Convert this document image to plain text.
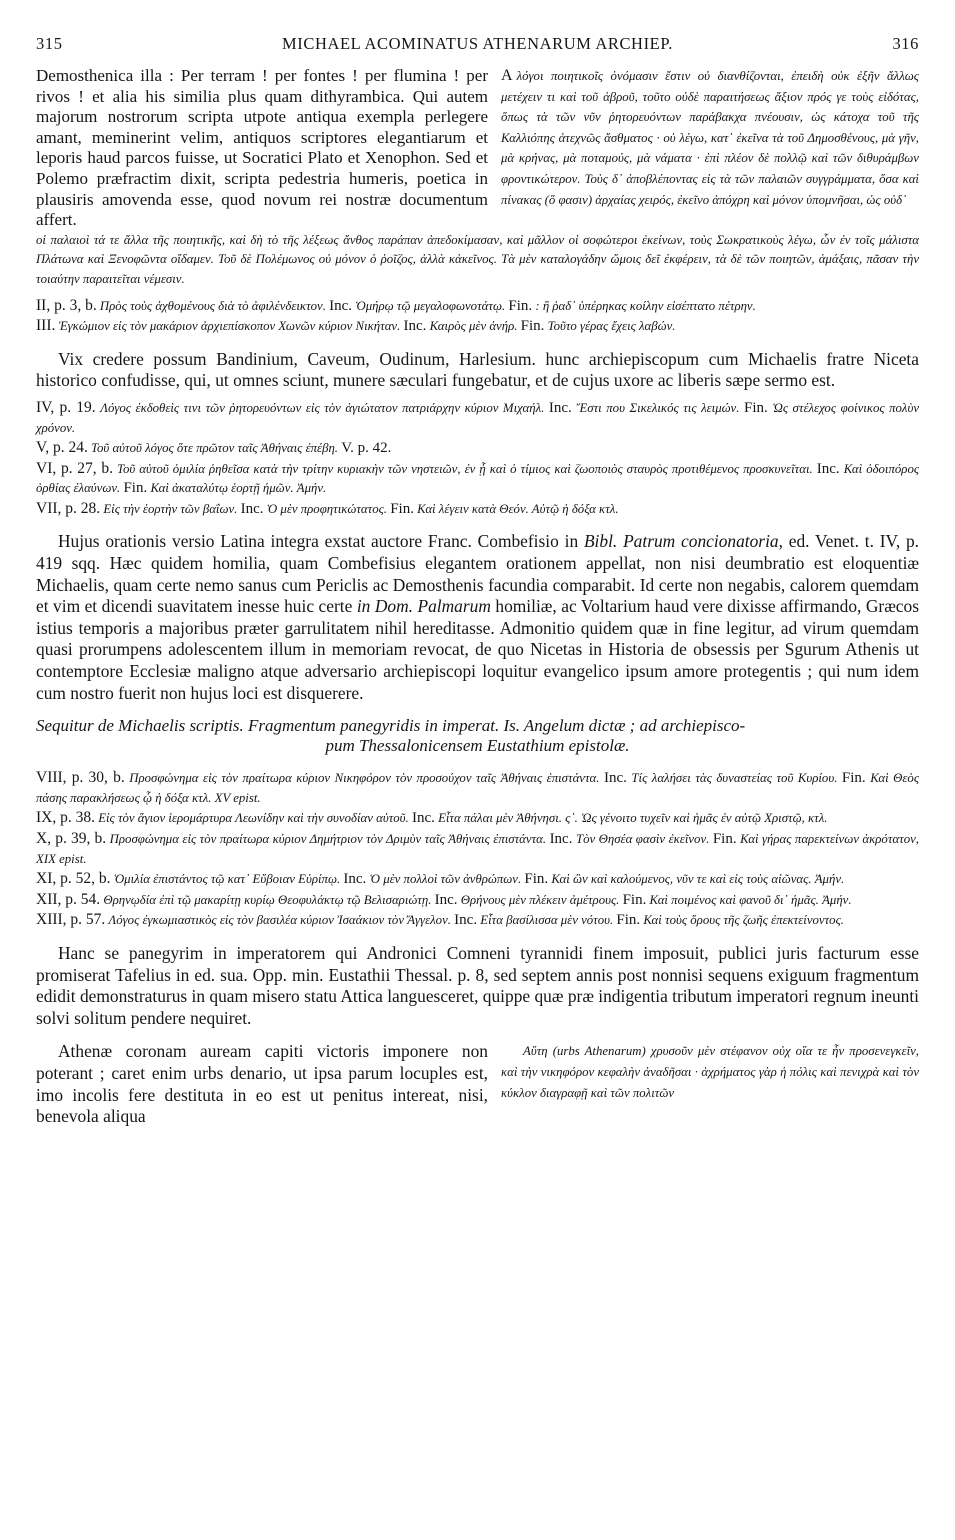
315	MICHAEL ACOMINATUS ATHENARUM ARCHIEP.	316

Demosthenica illa : Per terram ! per fontes ! per flumina ! per rivos ! et alia his similia plus quam dithyrambica. Qui autem majorum nostrorum scripta utpote antiqua exempla perlegere amant, meminerint velim, antiquos scriptores elegantiarum et leporis haud parcos fuisse, ut Socratici Plato et Xenophon. Sed et Polemo præfractim dixit, scripta pedestria humeris, poetica in plausiris amovenda esse, quod novum rei nostræ documentum affert.

A λόγοι ποιητικοῖς ὀνόμασιν ἔστιν οὐ διανθίζονται, ἐπειδὴ οὐκ ἐξῆν ἄλλως μετέχειν τι καὶ τοῦ ἁβροῦ, τοῦτο οὐδὲ παραιτήσεως ἄξιον πρός γε τοὺς εἰδότας, ὅπως τὰ τῶν νῦν ῥητορευόντων παράβακχα πνέουσιν, ὡς κάτοχα τοῦ τῆς Καλλιόπης ἀτεχνῶς ἄσθματος · οὐ λέγω, κατ᾽ ἐκεῖνα τὰ τοῦ Δημοσθένους, μὰ γῆν, μὰ κρήνας, μὰ ποταμούς, μὰ νάματα · ἐπὶ πλέον δὲ πολλῷ καὶ τῶν διθυράμβων φροντικώτερον. Τοὺς δ᾽ ἀποβλέποντας εἰς τὰ τῶν παλαιῶν συγγράμματα, ὅσα καὶ πίνακας (ὅ φασιν) ἀρχαίας χειρός, ἐκεῖνο ἀπόχρη καὶ μόνον ὑπομνῆσαι, ὡς οὐδ᾽

οἱ παλαιοὶ τά τε ἄλλα τῆς ποιητικῆς, καὶ δὴ τὸ τῆς λέξεως ἄνθος παράπαν ἀπεδοκίμασαν, καὶ μᾶλλον οἱ σοφώτεροι ἐκείνων, τοὺς Σωκρατικοὺς λέγω, ὧν ἐν τοῖς μάλιστα Πλάτωνα καὶ Ξενοφῶντα οἴδαμεν. Τοῦ δὲ Πολέμωνος οὐ μόνον ὁ ῥοῖζος, ἀλλὰ κἀκεῖνος. Τὰ μὲν καταλογάδην ὤμοις δεῖ ἐκφέρειν, τὰ δὲ τῶν ποιητῶν, ἁμάξαις, πᾶσαν τὴν τοιαύτην παραιτεῖται νέμεσιν.

II, p. 3, b. Πρὸς τοὺς ἀχθομένους διὰ τὸ ἀφιλένδεικτον. Inc. Ὁμήρῳ τῷ μεγαλοφωνοτάτῳ. Fin. : ἢ ῥαδ᾽ ὑπέρηκας κοίλην εἰσέπτατο πέτρην.

III. Ἐγκώμιον εἰς τὸν μακάριον ἀρχιεπίσκοπον Χωνῶν κύριον Νικήταν. Inc. Καιρὸς μὲν ἀνήρ. Fin. Τοῦτο γέρας ἔχεις λαβών.

Vix credere possum Bandinium, Caveum, Oudinum, Harlesium. hunc archiepiscopum cum Michaelis fratre Niceta historico confudisse, qui, ut omnes sciunt, munere sæculari fungebatur, et de cujus uxore ac liberis sæpe sermo est.

IV, p. 19. Λόγος ἐκδοθεὶς τινι τῶν ῥητορευόντων εἰς τὸν ἁγιώτατον πατριάρχην κύριον Μιχαήλ. Inc. Ἔστι που Σικελικός τις λειμών. Fin. Ὡς στέλεχος φοίνικος πολὺν χρόνον.

V, p. 24. Τοῦ αὐτοῦ λόγος ὅτε πρῶτον ταῖς Ἀθήναις ἐπέβη. V. p. 42.

VI, p. 27, b. Τοῦ αὐτοῦ ὁμιλία ῥηθεῖσα κατὰ τὴν τρίτην κυριακὴν τῶν νηστειῶν, ἐν ᾗ καὶ ὁ τίμιος καὶ ζωοποιὸς σταυρὸς προτιθέμενος προσκυνεῖται. Inc. Καὶ ὁδοιπόρος ὀρθίας ἐλαύνων. Fin. Καὶ ἀκαταλύτῳ ἑορτῇ ἡμῶν. Ἀμήν.

VII, p. 28. Εἰς τὴν ἑορτὴν τῶν βαΐων. Inc. Ὁ μὲν προφητικώτατος. Fin. Καὶ λέγειν κατὰ Θεόν. Αὐτῷ ἡ δόξα κτλ.

Hujus orationis versio Latina integra exstat auctore Franc. Combefisio in Bibl. Patrum concionatoria, ed. Venet. t. IV, p. 419 sqq. Hæc quidem homilia, quam Combefisius elegantem orationem appellat, non nisi deumbratio est eloquentiæ Michaelis, quam certe nemo sanus cum Periclis ac Demosthenis facundia comparabit. Id certe non negabis, calorem quemdam et vim et dicendi suavitatem inesse huic certe in Dom. Palmarum homiliæ, ac Voltarium haud vere dixisse affirmando, Græcos istius temporis a majoribus præter garrulitatem nihil hereditasse. Admonitio quidem quæ in fine legitur, ad virum quemdam quasi prorumpens adolescentem illum in memoriam revocat, de quo Nicetas in Historia de obsessis per Sgurum Athenis ut contemptore Ecclesiæ maligno atque adversario archiepiscopi loquitur evangelico ipsum amore protegentis ; qui num idem cum nostro fuerit non hujus loci est disquerere.

Sequitur de Michaelis scriptis. Fragmentum panegyridis in imperat. Is. Angelum dictæ ; ad archiepisco-
pum Thessalonicensem Eustathium epistolæ.

VIII, p. 30, b. Προσφώνημα εἰς τὸν πραίτωρα κύριον Νικηφόρον τὸν προσούχον ταῖς Ἀθήναις ἐπιστάντα. Inc. Τίς λαλήσει τὰς δυναστείας τοῦ Κυρίου. Fin. Καὶ Θεὸς πάσης παρακλήσεως ᾧ ἡ δόξα κτλ. XV epist.

IX, p. 38. Εἰς τὸν ἅγιον ἱερομάρτυρα Λεωνίδην καὶ τὴν συνοδίαν αὐτοῦ. Inc. Εἶτα πάλαι μὲν Ἀθήνησι. ς᾽. Ὡς γένοιτο τυχεῖν καὶ ἡμᾶς ἐν αὐτῷ Χριστῷ, κτλ.

X, p. 39, b. Προσφώνημα εἰς τὸν πραίτωρα κύριον Δημήτριον τὸν Δριμὺν ταῖς Ἀθήναις ἐπιστάντα. Inc. Τὸν Θησέα φασὶν ἐκεῖνον. Fin. Καὶ γήρας παρεκτείνων ἀκρότατον, XIX epist.

XI, p. 52, b. Ὁμιλία ἐπιστάντος τῷ κατ᾽ Εὔβοιαν Εὐρίπῳ. Inc. Ὁ μὲν πολλοὶ τῶν ἀνθρώπων. Fin. Καὶ ὢν καὶ καλούμενος, νῦν τε καὶ εἰς τοὺς αἰῶνας. Ἀμήν.

XII, p. 54. Θρηνῳδία ἐπὶ τῷ μακαρίτῃ κυρίῳ Θεοφυλάκτῳ τῷ Βελισαριώτῃ. Inc. Θρήνους μὲν πλέκειν ἀμέτρους. Fin. Καὶ ποιμένος καὶ φανοῦ δι᾽ ἡμᾶς. Ἀμήν.

XIII, p. 57. Λόγος ἐγκωμιαστικὸς εἰς τὸν βασιλέα κύριον Ἰσαάκιον τὸν Ἄγγελον. Inc. Εἶτα βασίλισσα μὲν νότου. Fin. Καὶ τοὺς ὅρους τῆς ζωῆς ἐπεκτείνοντος.

Hanc se panegyrim in imperatorem qui Andronici Comneni tyrannidi finem imposuit, publici juris facturum esse promiserat Tafelius in ed. sua. Opp. min. Eustathii Thessal. p. 8, sed septem annis post nonnisi sequens exiguum fragmentum edidit demonstraturus in quam misero statu Attica languesceret, quippe quæ præ indigentia tributum imperatori regnum ineunti solvi solitum pendere nequiret.

Athenæ coronam auream capiti victoris imponere non poterant ; caret enim urbs denario, ut ipsa parum locuples est, imo incolis fere destituta in eo est ut penitus intereat, nisi, benevola aliqua

Αὕτη (urbs Athenarum) χρυσοῦν μὲν στέφανον οὐχ οἵα τε ἦν προσενεγκεῖν, καὶ τὴν νικηφόρον κεφαλὴν ἀναδῆσαι · ἀχρήματος γὰρ ἡ πόλις καὶ πενιχρὰ καὶ τὸν κύκλον διαγραφῇ καὶ τῶν πολιτῶν
